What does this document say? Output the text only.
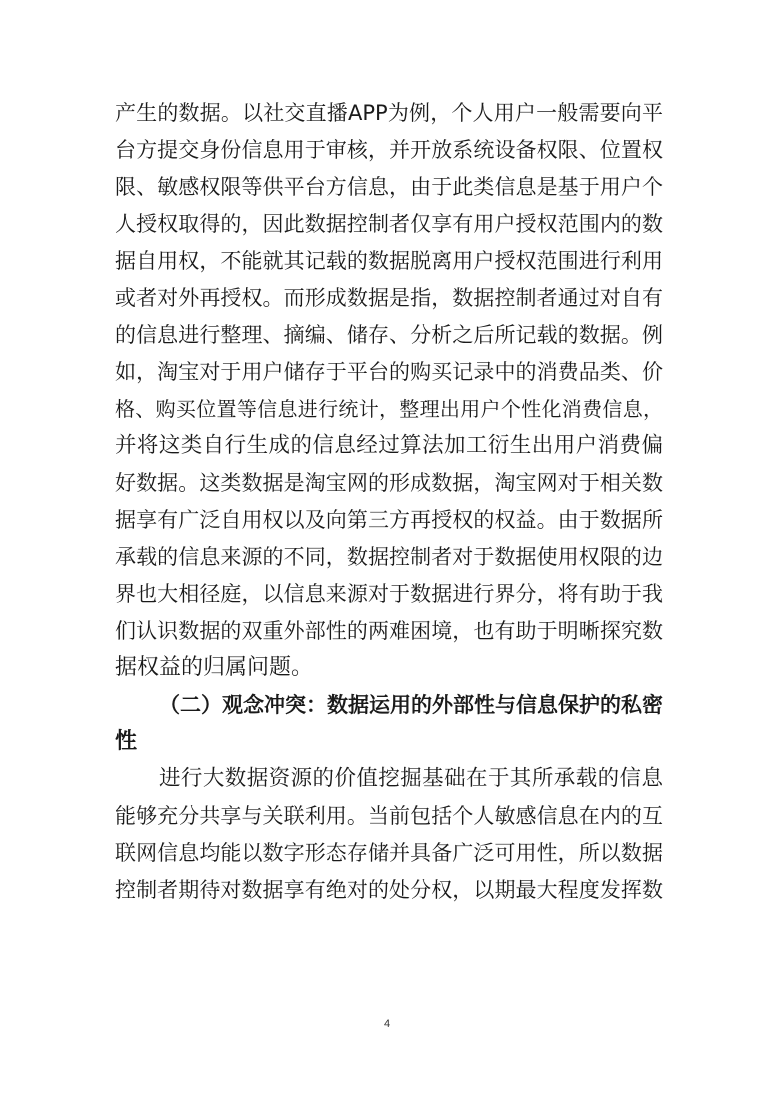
产生的数据。以社交直播APP为例，个人用户一般需要向平
台方提交身份信息用于审核，并开放系统设备权限、位置权
限、敏感权限等供平台方信息，由于此类信息是基于用户个
人授权取得的，因此数据控制者仅享有用户授权范围内的数
据自用权，不能就其记载的数据脱离用户授权范围进行利用
或者对外再授权。而形成数据是指，数据控制者通过对自有
的信息进行整理、摘编、储存、分析之后所记载的数据。例
如，淘宝对于用户储存于平台的购买记录中的消费品类、价
格、购买位置等信息进行统计，整理出用户个性化消费信息，
并将这类自行生成的信息经过算法加工衍生出用户消费偏
好数据。这类数据是淘宝网的形成数据，淘宝网对于相关数
据享有广泛自用权以及向第三方再授权的权益。由于数据所
承载的信息来源的不同，数据控制者对于数据使用权限的边
界也大相径庭，以信息来源对于数据进行界分，将有助于我
们认识数据的双重外部性的两难困境，也有助于明晰探究数
据权益的归属问题。
（二）观念冲突：数据运用的外部性与信息保护的私密
性
进行大数据资源的价值挖掘基础在于其所承载的信息
能够充分共享与关联利用。当前包括个人敏感信息在内的互
联网信息均能以数字形态存储并具备广泛可用性，所以数据
控制者期待对数据享有绝对的处分权，以期最大程度发挥数
4
